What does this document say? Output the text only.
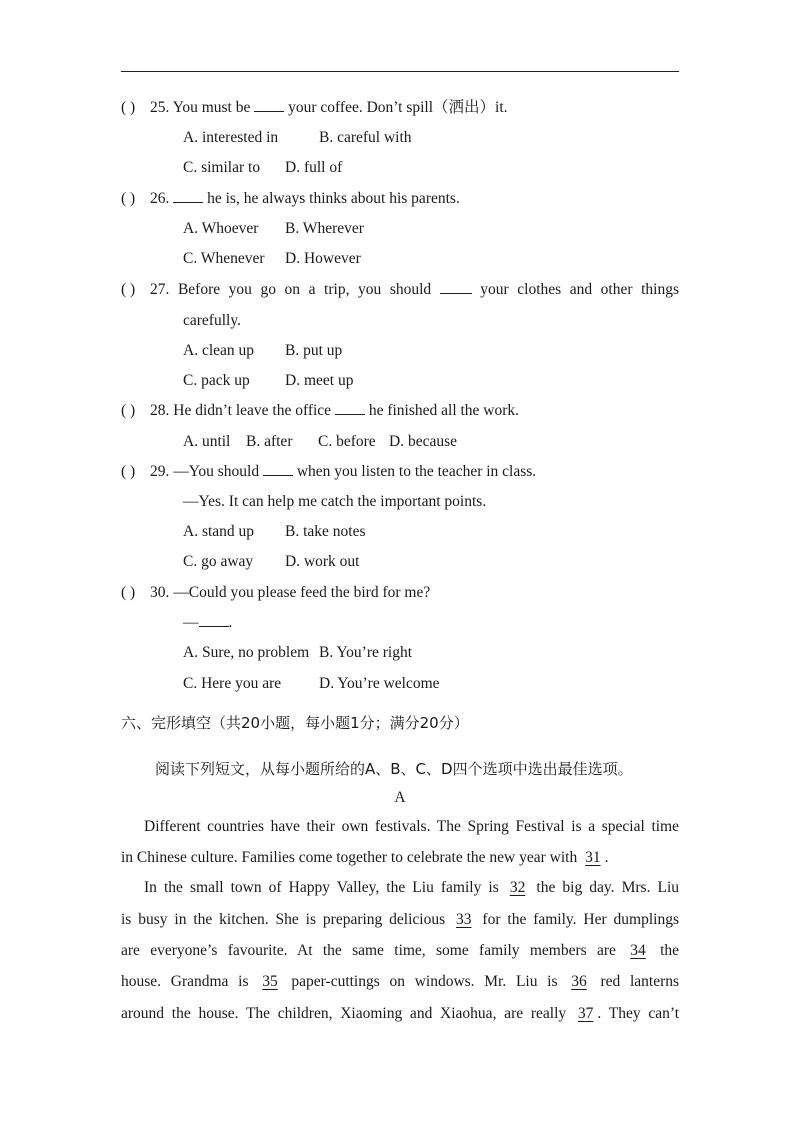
( ) 25. You must be your coffee. Don’t spill（洒出）it.
A. interested in	B. careful with
C. similar to D. full of
( ) 26. he is, he always thinks about his parents.
A. Whoever B. Wherever
C. Whenever D. However
( ) 27. Before you go on a trip, you should	your clothes and other things
carefully.
A. clean up B. put up
C. pack up D. meet up
( ) 28. He didn’t leave the office he finished all the work.
A. until B. after C. before D. because
( ) 29. —You should when you listen to the teacher in class.
—Yes. It can help me catch the important points.
A. stand up B. take notes
C. go away D. work out
( ) 30. —Could you please feed the bird for me?
— .
A. Sure, no problem B. You’re right
C. Here you are D. You’re welcome
六、完形填空（共20小题，每小题1分；满分20分）
阅读下列短文，从每小题所给的A、B、C、D四个选项中选出最佳选项。
A
Different countries have their own festivals. The Spring Festival is a special time
in Chinese culture. Families come together to celebrate the new year with 31 .
In the small town of Happy Valley, the Liu family is 32 the big day. Mrs. Liu
is busy in the kitchen. She is preparing delicious 33 for the family. Her dumplings
are everyone’s favourite. At the same time, some family members are 34 the
house. Grandma is 35 paper-cuttings on windows. Mr. Liu is 36 red lanterns
around the house. The children, Xiaoming and Xiaohua, are really 37 . They can’t
